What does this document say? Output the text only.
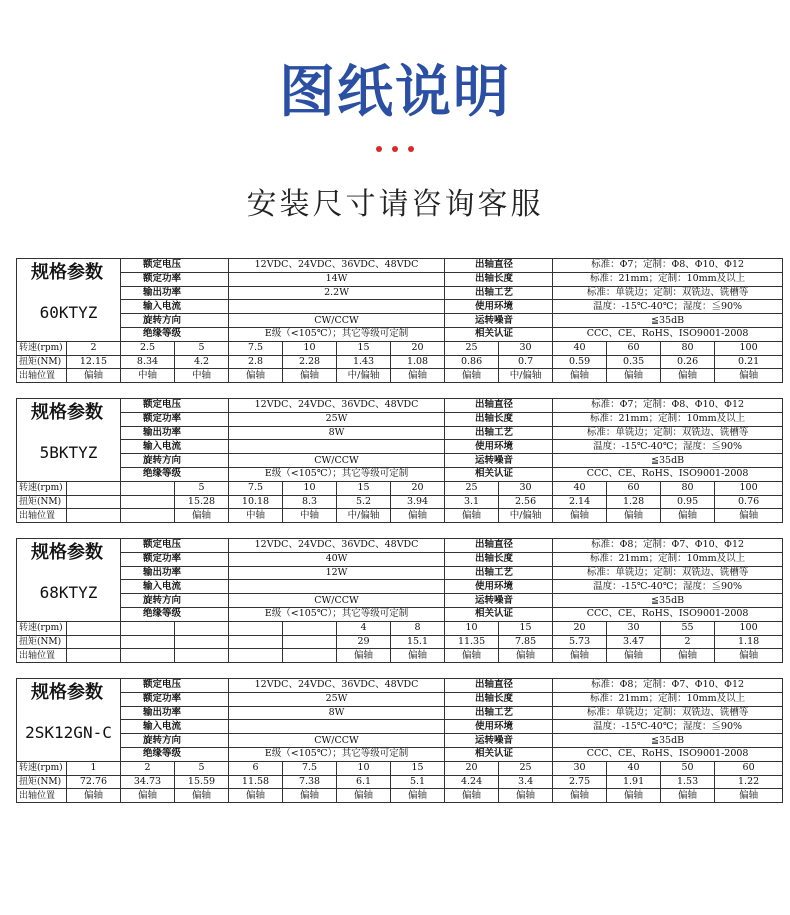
图纸说明
安装尺寸请咨询客服
规格参数		额定电压		12VDC、24VDC、36VDC、48VDC				出轴直径		标准：Φ7；定制：Φ8、Φ10、Φ12			
		额定功率		14W				出轴长度		标准：21mm；定制：10mm及以上			
60KTYZ		输出功率		2.2W				出轴工艺		标准：单铣边；定制：双铣边、铣槽等			
		输入电流						使用环境		温度：-15℃-40℃；湿度：≦90%			
		旋转方向		CW/CCW				运转噪音		≦35dB			
		绝缘等级		E级（<105℃）；其它等级可定制				相关认证		CCC、CE、RoHS、ISO9001-2008			
转速(rpm)	2	2.5	5	7.5	10	15	20	25	30	40	60	80	100
扭矩(NM)	12.15	8.34	4.2	2.8	2.28	1.43	1.08	0.86	0.7	0.59	0.35	0.26	0.21
出轴位置	偏轴	中轴	中轴	偏轴	偏轴	中/偏轴	偏轴	偏轴	中/偏轴	偏轴	偏轴	偏轴	偏轴
规格参数		额定电压		12VDC、24VDC、36VDC、48VDC				出轴直径		标准：Φ7；定制：Φ8、Φ10、Φ12			
		额定功率		25W				出轴长度		标准：21mm；定制：10mm及以上			
5BKTYZ		输出功率		8W				出轴工艺		标准：单铣边；定制：双铣边、铣槽等			
		输入电流						使用环境		温度：-15℃-40℃；湿度：≦90%			
		旋转方向		CW/CCW				运转噪音		≦35dB			
		绝缘等级		E级（<105℃）；其它等级可定制				相关认证		CCC、CE、RoHS、ISO9001-2008			
转速(rpm)			5	7.5	10	15	20	25	30	40	60	80	100
扭矩(NM)			15.28	10.18	8.3	5.2	3.94	3.1	2.56	2.14	1.28	0.95	0.76
出轴位置			偏轴	中轴	中轴	中/偏轴	偏轴	偏轴	中/偏轴	偏轴	偏轴	偏轴	偏轴
规格参数		额定电压		12VDC、24VDC、36VDC、48VDC				出轴直径		标准：Φ8；定制：Φ7、Φ10、Φ12			
		额定功率		40W				出轴长度		标准：21mm；定制：10mm及以上			
68KTYZ		输出功率		12W				出轴工艺		标准：单铣边；定制：双铣边、铣槽等			
		输入电流						使用环境		温度：-15℃-40℃；湿度：≦90%			
		旋转方向		CW/CCW				运转噪音		≦35dB			
		绝缘等级		E级（<105℃）；其它等级可定制				相关认证		CCC、CE、RoHS、ISO9001-2008			
转速(rpm)						4	8	10	15	20	30	55	100
扭矩(NM)						29	15.1	11.35	7.85	5.73	3.47	2	1.18
出轴位置						偏轴	偏轴	偏轴	偏轴	偏轴	偏轴	偏轴	偏轴
规格参数		额定电压		12VDC、24VDC、36VDC、48VDC				出轴直径		标准：Φ8；定制：Φ7、Φ10、Φ12			
		额定功率		25W				出轴长度		标准：21mm；定制：10mm及以上			
2SK12GN-C		输出功率		8W				出轴工艺		标准：单铣边；定制：双铣边、铣槽等			
		输入电流						使用环境		温度：-15℃-40℃；湿度：≦90%			
		旋转方向		CW/CCW				运转噪音		≦35dB			
		绝缘等级		E级（<105℃）；其它等级可定制				相关认证		CCC、CE、RoHS、ISO9001-2008			
转速(rpm)	1	2	5	6	7.5	10	15	20	25	30	40	50	60
扭矩(NM)	72.76	34.73	15.59	11.58	7.38	6.1	5.1	4.24	3.4	2.75	1.91	1.53	1.22
出轴位置	偏轴	偏轴	偏轴	偏轴	偏轴	偏轴	偏轴	偏轴	偏轴	偏轴	偏轴	偏轴	偏轴
